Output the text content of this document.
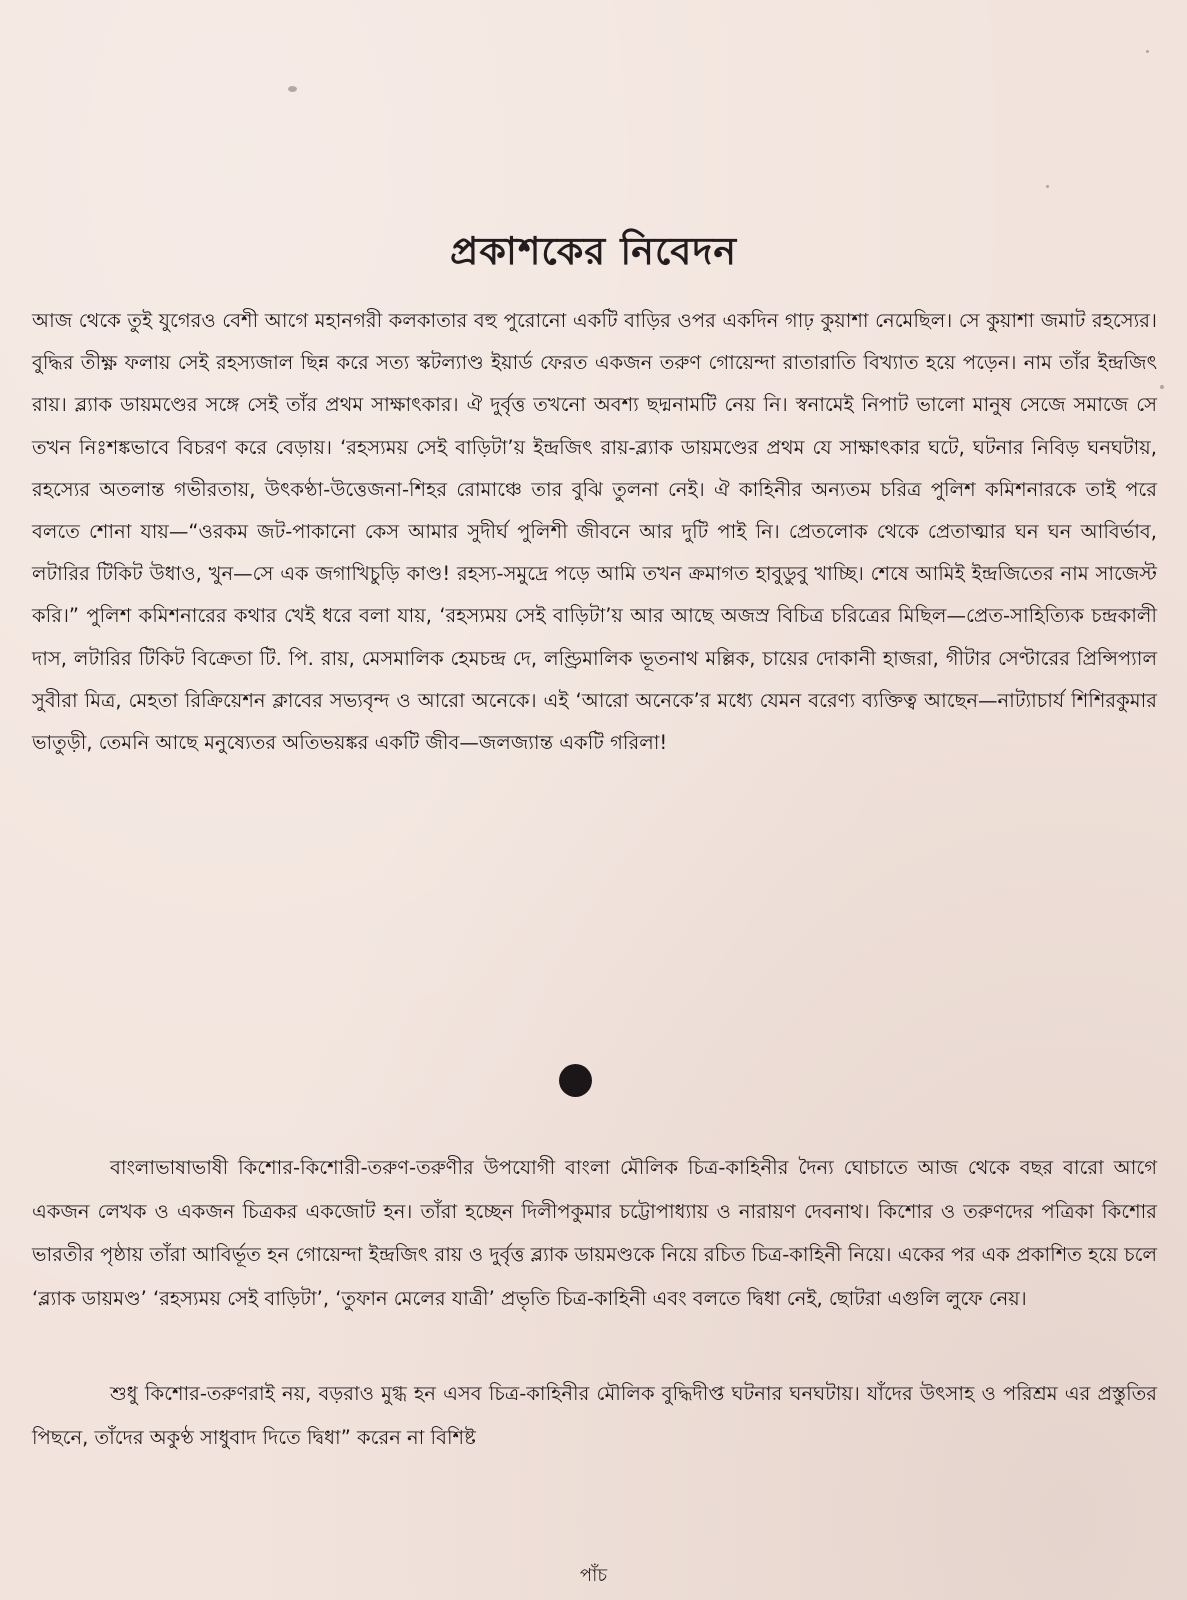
প্রকাশকের নিবেদন

আজ থেকে তুই যুগেরও বেশী আগে মহানগরী কলকাতার বহু পুরোনো একটি বাড়ির ওপর একদিন গাঢ় কুয়াশা নেমেছিল। সে কুয়াশা জমাট রহস্যের। বুদ্ধির তীক্ষ্ণ ফলায় সেই রহস্যজাল ছিন্ন করে সত্য স্কটল্যাণ্ড ইয়ার্ড ফেরত একজন তরুণ গোয়েন্দা রাতারাতি বিখ্যাত হয়ে পড়েন। নাম তাঁর ইন্দ্রজিৎ রায়। ব্ল্যাক ডায়মণ্ডের সঙ্গে সেই তাঁর প্রথম সাক্ষাৎকার। ঐ দুর্বৃত্ত তখনো অবশ্য ছদ্মনামটি নেয় নি। স্বনামেই নিপাট ভালো মানুষ সেজে সমাজে সে তখন নিঃশঙ্কভাবে বিচরণ করে বেড়ায়। ‘রহস্যময় সেই বাড়িটা’য় ইন্দ্রজিৎ রায়-ব্ল্যাক ডায়মণ্ডের প্রথম যে সাক্ষাৎকার ঘটে, ঘটনার নিবিড় ঘনঘটায়, রহস্যের অতলান্ত গভীরতায়, উৎকণ্ঠা-উত্তেজনা-শিহর রোমাঞ্চে তার বুঝি তুলনা নেই। ঐ কাহিনীর অন্যতম চরিত্র পুলিশ কমিশনারকে তাই পরে বলতে শোনা যায়—“ওরকম জট-পাকানো কেস আমার সুদীর্ঘ পুলিশী জীবনে আর দুটি পাই নি। প্রেতলোক থেকে প্রেতাত্মার ঘন ঘন আবির্ভাব, লটারির টিকিট উধাও, খুন—সে এক জগাখিচুড়ি কাণ্ড! রহস্য-সমুদ্রে পড়ে আমি তখন ক্রমাগত হাবুডুবু খাচ্ছি। শেষে আমিই ইন্দ্রজিতের নাম সাজেস্ট করি।” পুলিশ কমিশনারের কথার খেই ধরে বলা যায়, ‘রহস্যময় সেই বাড়িটা’য় আর আছে অজস্র বিচিত্র চরিত্রের মিছিল—প্রেত-সাহিত্যিক চন্দ্রকালী দাস, লটারির টিকিট বিক্রেতা টি. পি. রায়, মেসমালিক হেমচন্দ্র দে, লণ্ড্রিমালিক ভূতনাথ মল্লিক, চায়ের দোকানী হাজরা, গীটার সেণ্টারের প্রিন্সিপ্যাল সুবীরা মিত্র, মেহতা রিক্রিয়েশন ক্লাবের সভ্যবৃন্দ ও আরো অনেকে। এই ‘আরো অনেকে’র মধ্যে যেমন বরেণ্য ব্যক্তিত্ব আছেন—নাট্যাচার্য শিশিরকুমার ভাতুড়ী, তেমনি আছে মনুষ্যেতর অতিভয়ঙ্কর একটি জীব—জলজ্যান্ত একটি গরিলা!

বাংলাভাষাভাষী কিশোর-কিশোরী-তরুণ-তরুণীর উপযোগী বাংলা মৌলিক চিত্র-কাহিনীর দৈন্য ঘোচাতে আজ থেকে বছর বারো আগে একজন লেখক ও একজন চিত্রকর একজোট হন। তাঁরা হচ্ছেন দিলীপকুমার চট্টোপাধ্যায় ও নারায়ণ দেবনাথ। কিশোর ও তরুণদের পত্রিকা কিশোর ভারতীর পৃষ্ঠায় তাঁরা আবির্ভূত হন গোয়েন্দা ইন্দ্রজিৎ রায় ও দুর্বৃত্ত ব্ল্যাক ডায়মণ্ডকে নিয়ে রচিত চিত্র-কাহিনী নিয়ে। একের পর এক প্রকাশিত হয়ে চলে ‘ব্ল্যাক ডায়মণ্ড’ ‘রহস্যময় সেই বাড়িটা’, ‘তুফান মেলের যাত্রী’ প্রভৃতি চিত্র-কাহিনী এবং বলতে দ্বিধা নেই, ছোটরা এগুলি লুফে নেয়।

শুধু কিশোর-তরুণরাই নয়, বড়রাও মুগ্ধ হন এসব চিত্র-কাহিনীর মৌলিক বুদ্ধিদীপ্ত ঘটনার ঘনঘটায়। যাঁদের উৎসাহ ও পরিশ্রম এর প্রস্তুতির পিছনে, তাঁদের অকুণ্ঠ সাধুবাদ দিতে দ্বিধা” করেন না বিশিষ্ট

পাঁচ
